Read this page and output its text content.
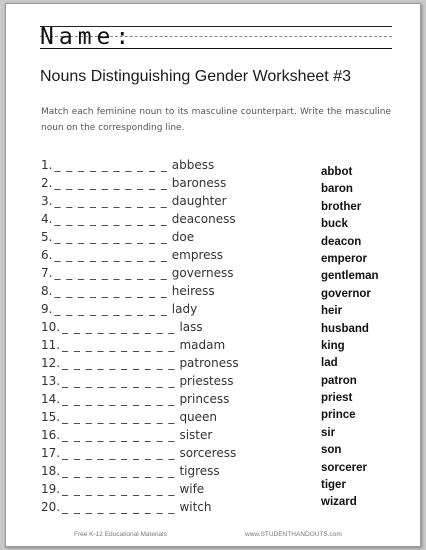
Name:
Nouns Distinguishing Gender Worksheet #3
Match each feminine noun to its masculine counterpart. Write the masculine noun on the corresponding line.
1. _ _ _ _ _ _ _ _ _ _ abbess
2. _ _ _ _ _ _ _ _ _ _ baroness
3. _ _ _ _ _ _ _ _ _ _ daughter
4. _ _ _ _ _ _ _ _ _ _ deaconess
5. _ _ _ _ _ _ _ _ _ _ doe
6. _ _ _ _ _ _ _ _ _ _ empress
7. _ _ _ _ _ _ _ _ _ _ governess
8. _ _ _ _ _ _ _ _ _ _ heiress
9. _ _ _ _ _ _ _ _ _ _ lady
10. _ _ _ _ _ _ _ _ _ _ lass
11. _ _ _ _ _ _ _ _ _ _ madam
12. _ _ _ _ _ _ _ _ _ _ patroness
13. _ _ _ _ _ _ _ _ _ _ priestess
14. _ _ _ _ _ _ _ _ _ _ princess
15. _ _ _ _ _ _ _ _ _ _ queen
16. _ _ _ _ _ _ _ _ _ _ sister
17. _ _ _ _ _ _ _ _ _ _ sorceress
18. _ _ _ _ _ _ _ _ _ _ tigress
19. _ _ _ _ _ _ _ _ _ _ wife
20. _ _ _ _ _ _ _ _ _ _ witch
abbot
baron
brother
buck
deacon
emperor
gentleman
governor
heir
husband
king
lad
patron
priest
prince
sir
son
sorcerer
tiger
wizard
Free K-12 Educational Materials	www.STUDENTHANDOUTS.com
